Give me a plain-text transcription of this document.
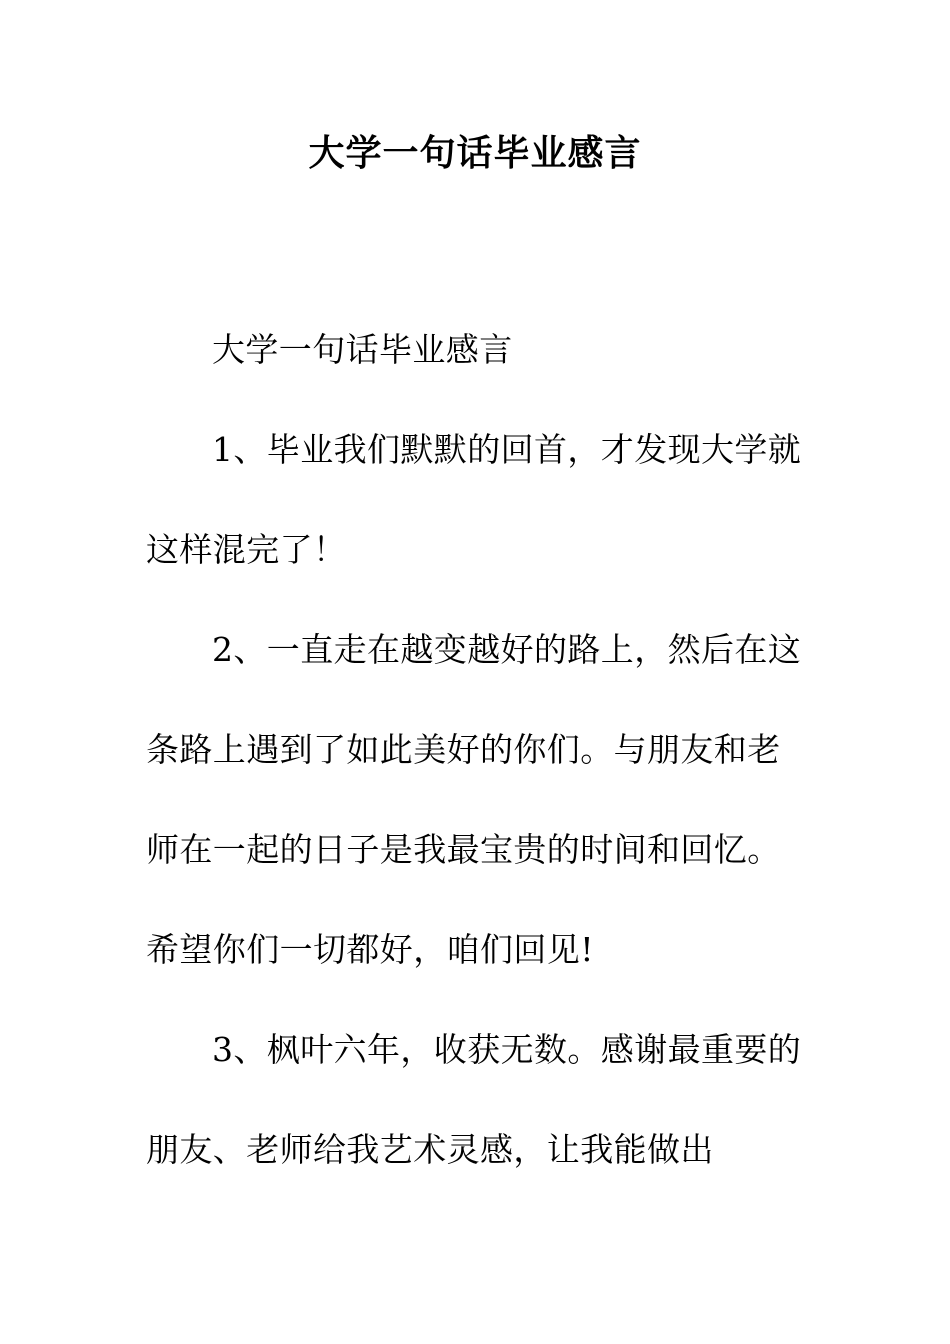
大学一句话毕业感言

大学一句话毕业感言

1、毕业我们默默的回首，才发现大学就这样混完了！

2、一直走在越变越好的路上，然后在这条路上遇到了如此美好的你们。与朋友和老师在一起的日子是我最宝贵的时间和回忆。希望你们一切都好，咱们回见!

3、枫叶六年，收获无数。感谢最重要的朋友、老师给我艺术灵感，让我能做出
